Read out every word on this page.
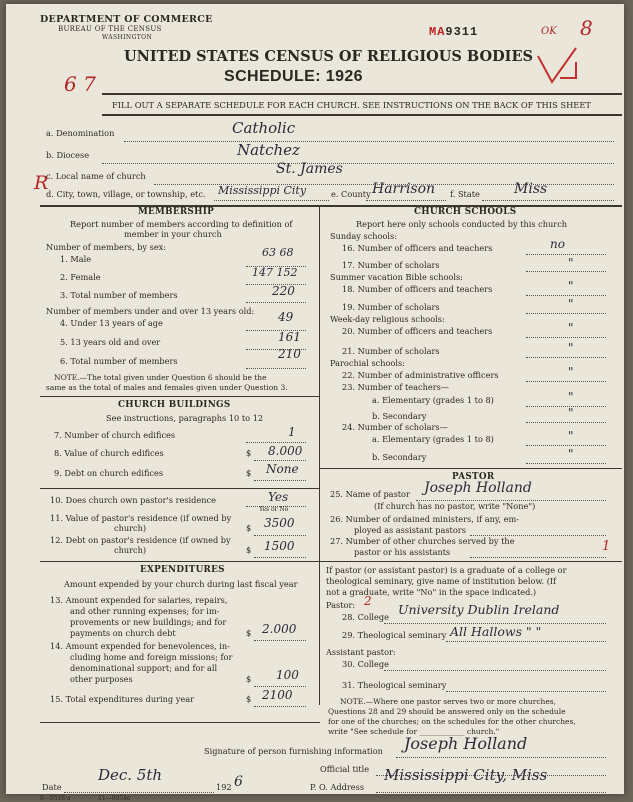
DEPARTMENT OF COMMERCE
BUREAU OF THE CENSUS
WASHINGTON	MA9311	OK 8
6 7
R
UNITED STATES CENSUS OF RELIGIOUS BODIES
SCHEDULE: 1926
FILL OUT A SEPARATE SCHEDULE FOR EACH CHURCH. SEE INSTRUCTIONS ON THE BACK OF THIS SHEET
a. Denomination	Catholic
b. Diocese	Natchez
c. Local name of church	St. James
d. City, town, village, or township, etc. Mississippi City	e. County Harrison f. State Miss
MEMBERSHIP
Report number of members according to definition of
member in your church
Number of members, by sex:
1. Male	63 68
2. Female	147 152
3. Total number of members	220
Number of members under and over 13 years old:
4. Under 13 years of age	49
5. 13 years old and over	161
6. Total number of members	210
NOTE.—The total given under Question 6 should be the
same as the total of males and females given under Question 3.
CHURCH BUILDINGS
See instructions, paragraphs 10 to 12
7. Number of church edifices	1
8. Value of church edifices	$ 8.000
9. Debt on church edifices	$ None
10. Does church own pastor's residence	Yes
Yes or No
11. Value of pastor's residence (if owned by
church)	$ 3500
12. Debt on pastor's residence (if owned by
church)	$ 1500
EXPENDITURES
Amount expended by your church during last fiscal year
13. Amount expended for salaries, repairs,
and other running expenses; for im-
provements or new buildings; and for
payments on church debt	$ 2.000
14. Amount expended for benevolences, in-
cluding home and foreign missions; for
denominational support; and for all
other purposes	$ 100
15. Total expenditures during year	$ 2100
CHURCH SCHOOLS
Report here only schools conducted by this church
Sunday schools:
16. Number of officers and teachers	no
17. Number of scholars	"
Summer vacation Bible schools:
18. Number of officers and teachers	"
19. Number of scholars	"
Week-day religious schools:
20. Number of officers and teachers	"
21. Number of scholars	"
Parochial schools:
22. Number of administrative officers	"
23. Number of teachers—
a. Elementary (grades 1 to 8)	"
b. Secondary	"
24. Number of scholars—
a. Elementary (grades 1 to 8)	"
b. Secondary	"
PASTOR
25. Name of pastor Joseph Holland
(If church has no pastor, write "None")
26. Number of ordained ministers, if any, em-
ployed as assistant pastors
27. Number of other churches served by the
pastor or his assistants	1
If pastor (or assistant pastor) is a graduate of a college or
theological seminary, give name of institution below. (If
not a graduate, write "No" in the space indicated.)
Pastor: 2
28. College University Dublin Ireland
29. Theological seminary All Hallows " "
Assistant pastor:
30. College
31. Theological seminary
NOTE.—Where one pastor serves two or more churches,
Questions 28 and 29 should be answered only on the schedule
for one of the churches; on the schedules for the other churches,
write "See schedule for ____________ church."
Signature of person furnishing information Joseph Holland
Official title
Date
Dec. 5th
192 6	P. O. Address
Mississippi City, Miss
8—5518 a	11—9054e
